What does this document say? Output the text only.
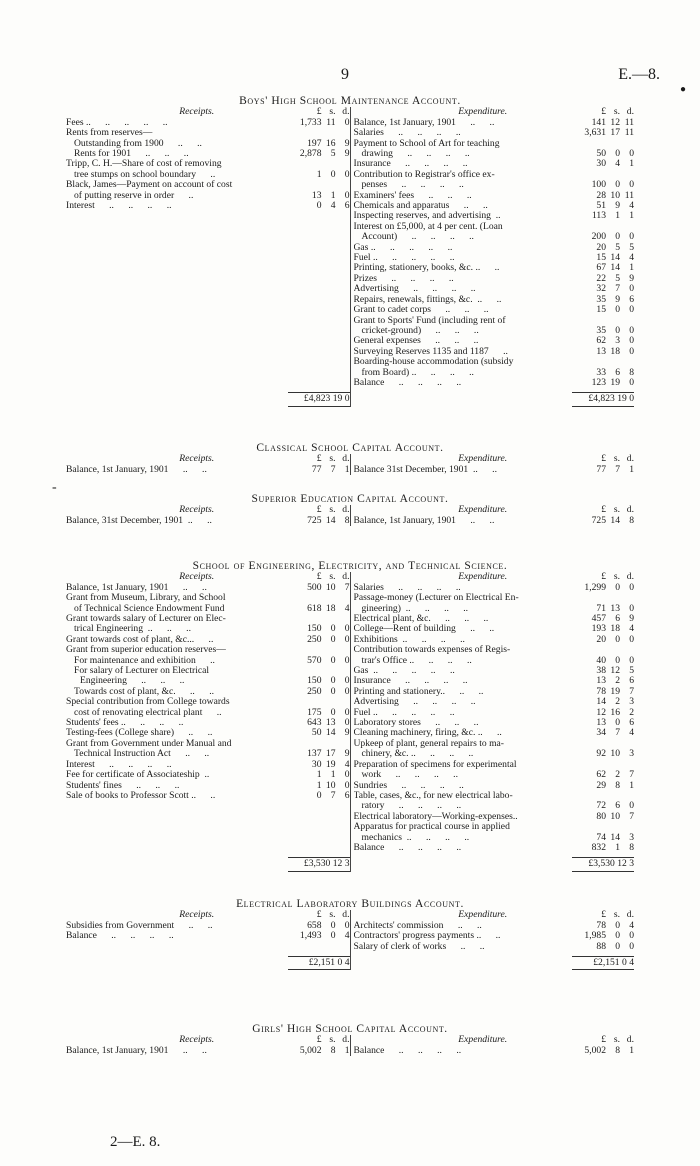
9	E.—8.
●
Boys' High School Maintenance Account.
Receipts.	£ s. d.
Fees ..      ..      ..      ..      ..	1,733 11 0
Rents from reserves—
Outstanding from 1900      ..      ..	197 16 9
Rents for 1901      ..      ..      ..	2,878 5 9
Tripp, C. H.—Share of cost of removing
tree stumps on school boundary      ..	1 0 0
Black, James—Payment on account of cost
of putting reserve in order      ..	13 1 0
Interest      ..      ..      ..      ..	0 4 6
£4,823 19 0
Expenditure.	£ s. d.
Balance, 1st January, 1901      ..      ..	141 12 11
Salaries      ..      ..      ..      ..	3,631 17 11
Payment to School of Art for teaching
drawing      ..      ..      ..      ..	50 0 0
Insurance      ..      ..      ..      ..	30 4 1
Contribution to Registrar's office ex-
penses      ..      ..      ..      ..	100 0 0
Examiners' fees      ..      ..      ..	28 10 11
Chemicals and apparatus      ..      ..	51 9 4
Inspecting reserves, and advertising  ..	113 1 1
Interest on £5,000, at 4 per cent. (Loan
Account)      ..      ..      ..      ..	200 0 0
Gas ..      ..      ..      ..      ..	20 5 5
Fuel ..      ..      ..      ..      ..	15 14 4
Printing, stationery, books, &c. ..      ..	67 14 1
Prizes      ..      ..      ..      ..	22 5 9
Advertising      ..      ..      ..      ..	32 7 0
Repairs, renewals, fittings, &c.  ..      ..	35 9 6
Grant to cadet corps      ..      ..      ..	15 0 0
Grant to Sports' Fund (including rent of
cricket-ground)      ..      ..      ..	35 0 0
General expenses      ..      ..      ..	62 3 0
Surveying Reserves 1135 and 1187      ..	13 18 0
Boarding-house accommodation (subsidy
from Board) ..      ..      ..      ..	33 6 8
Balance      ..      ..      ..      ..	123 19 0
£4,823 19 0
Classical School Capital Account.
Receipts.	£ s. d.
Balance, 1st January, 1901      ..      ..	77 7 1
Expenditure.	£ s. d.
Balance 31st December, 1901  ..      ..	77 7 1
Superior Education Capital Account.
Receipts.	£ s. d.
Balance, 31st December, 1901  ..      ..	725 14 8
Expenditure.	£ s. d.
Balance, 1st January, 1901      ..      ..	725 14 8
-
School of Engineering, Electricity, and Technical Science.
Receipts.	£ s. d.
Balance, 1st January, 1901      ..      ..	500 10 7
Grant from Museum, Library, and School
of Technical Science Endowment Fund	618 18 4
Grant towards salary of Lecturer on Elec-
trical Engineering  ..      ..      ..	150 0 0
Grant towards cost of plant, &c...      ..	250 0 0
Grant from superior education reserves—
For maintenance and exhibition      ..	570 0 0
For salary of Lecturer on Electrical
Engineering      ..      ..      ..	150 0 0
Towards cost of plant, &c.      ..      ..	250 0 0
Special contribution from College towards
cost of renovating electrical plant      ..	175 0 0
Students' fees ..      ..      ..      ..	643 13 0
Testing-fees (College share)      ..      ..	50 14 9
Grant from Government under Manual and
Technical Instruction Act      ..      ..	137 17 9
Interest      ..      ..      ..      ..	30 19 4
Fee for certificate of Associateship  ..	1 1 0
Students' fines      ..      ..      ..	1 10 0
Sale of books to Professor Scott ..      ..	0 7 6
£3,530 12 3
Expenditure.	£ s. d.
Salaries      ..      ..      ..      ..	1,299 0 0
Passage-money (Lecturer on Electrical En-
gineering)  ..      ..      ..      ..	71 13 0
Electrical plant, &c.      ..      ..      ..	457 6 9
College—Rent of building      ..      ..	193 18 4
Exhibitions  ..      ..      ..      ..	20 0 0
Contribution towards expenses of Regis-
trar's Office ..      ..      ..      ..	40 0 0
Gas  ..      ..      ..      ..      ..	38 12 5
Insurance      ..      ..      ..      ..	13 2 6
Printing and stationery..      ..      ..	78 19 7
Advertising      ..      ..      ..      ..	14 2 3
Fuel ..      ..      ..      ..      ..	12 16 2
Laboratory stores      ..      ..      ..	13 0 6
Cleaning machinery, firing, &c. ..      ..	34 7 4
Upkeep of plant, general repairs to ma-
chinery, &c. ..      ..      ..      ..	92 10 3
Preparation of specimens for experimental
work      ..      ..      ..      ..	62 2 7
Sundries      ..      ..      ..      ..	29 8 1
Table, cases, &c., for new electrical labo-
ratory      ..      ..      ..      ..	72 6 0
Electrical laboratory—Working-expenses..	80 10 7
Apparatus for practical course in applied
mechanics  ..      ..      ..      ..	74 14 3
Balance      ..      ..      ..      ..	832 1 8
£3,530 12 3
Electrical Laboratory Buildings Account.
Receipts.	£ s. d.
Subsidies from Government      ..      ..	658 0 0
Balance      ..      ..      ..      ..	1,493 0 4
£2,151 0 4
Expenditure.	£ s. d.
Architects' commission      ..      ..	78 0 4
Contractors' progress payments ..      ..	1,985 0 0
Salary of clerk of works      ..      ..	88 0 0
£2,151 0 4
Girls' High School Capital Account.
Receipts.	£ s. d.
Balance, 1st January, 1901      ..      ..	5,002 8 1
Expenditure.	£ s. d.
Balance      ..      ..      ..      ..	5,002 8 1
2—E. 8.
